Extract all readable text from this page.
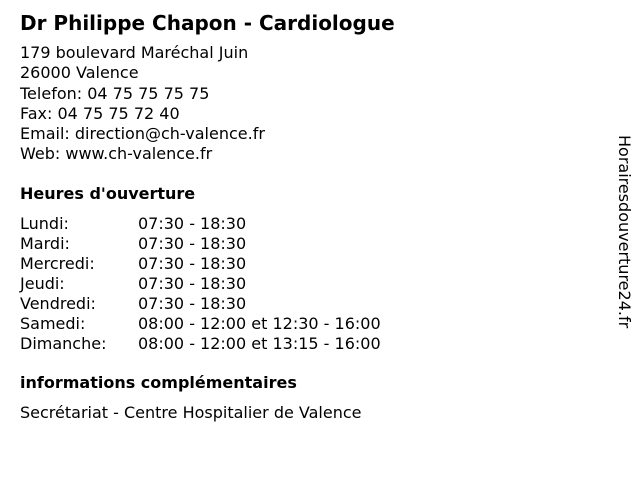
Dr Philippe Chapon - Cardiologue
179 boulevard Maréchal Juin
26000 Valence
Telefon: 04 75 75 75 75
Fax: 04 75 75 72 40
Email: direction@ch-valence.fr
Web: www.ch-valence.fr
Heures d'ouverture
Lundi:	07:30 - 18:30
Mardi:	07:30 - 18:30
Mercredi:	07:30 - 18:30
Jeudi:	07:30 - 18:30
Vendredi:	07:30 - 18:30
Samedi:	08:00 - 12:00 et 12:30 - 16:00
Dimanche:	08:00 - 12:00 et 13:15 - 16:00
informations complémentaires
Secrétariat - Centre Hospitalier de Valence
Horairesdouverture24.fr
